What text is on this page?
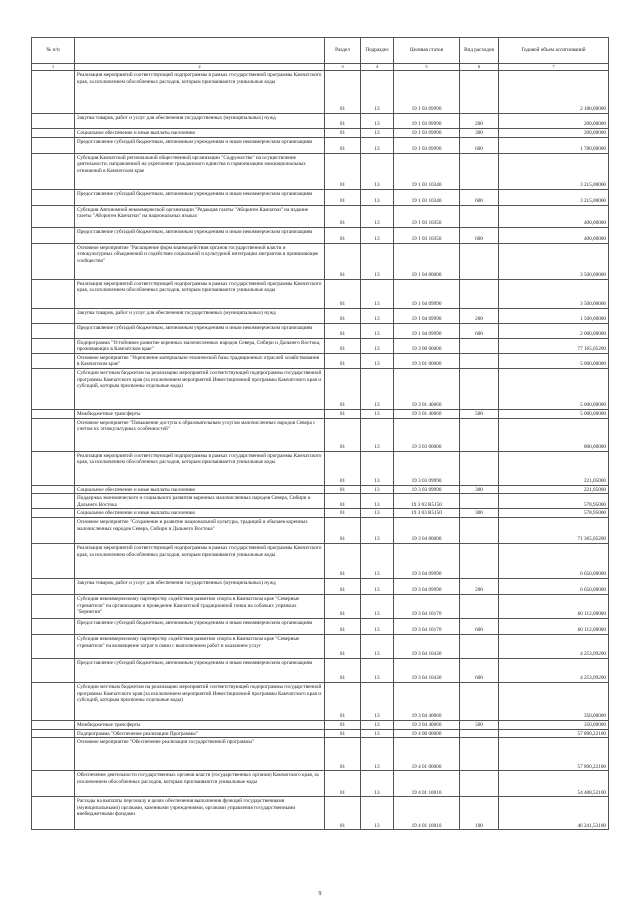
№ п/п		Раздел	Подраздел	Целевая статья	Вид расходов	Годовой объем ассигнований
1	2	3	4	5	6	7
	Реализация мероприятий соответствующей подпрограммы в рамках государственной программы Камчатского края, за исключением обособленных расходов, которым присваиваются уникальные коды	01	13	19 1 03 09990		2 180,00000
	Закупка товаров, работ и услуг для обеспечения государственных (муниципальных) нужд	01	13	19 1 03 09990	200	200,00000
	Социальное обеспечение и иные выплаты населению	01	13	19 1 03 09990	300	200,00000
	Предоставление субсидий бюджетным, автономным учреждениям и иным некоммерческим организациям	01	13	19 1 03 09990	600	1 780,00000
	Субсидия Камчатской региональной общественной организации "Содружество" на осуществление деятельности, направленной на укрепление гражданского единства и гармонизацию межнациональных отношений в Камчатском крае	01	13	19 1 03 10340		3 215,00000
	Предоставление субсидий бюджетным, автономным учреждениям и иным некоммерческим организациям	01	13	19 1 03 10340	600	3 215,00000
	Субсидия Автономной некоммерческой организации "Редакция газеты "Абориген Камчатки" на издание газеты "Абориген Камчатки" на национальных языках	01	13	19 1 03 10350		400,00000
	Предоставление субсидий бюджетным, автономным учреждениям и иным некоммерческим организациям	01	13	19 1 03 10350	600	400,00000
	Основное мероприятие "Расширение форм взаимодействия органов государственной власти и этнокультурных объединений и содействие социальной и культурной интеграции мигрантов в принимающее сообщество"	01	13	19 1 04 00000		3 500,00000
	Реализация мероприятий соответствующей подпрограммы в рамках государственной программы Камчатского края, за исключением обособленных расходов, которым присваиваются уникальные коды	01	13	19 1 04 09990		3 500,00000
	Закупка товаров, работ и услуг для обеспечения государственных (муниципальных) нужд	01	13	19 1 04 09990	200	1 500,00000
	Предоставление субсидий бюджетным, автономным учреждениям и иным некоммерческим организациям	01	13	19 1 04 09990	600	2 000,00000
	Подпрограмма "Устойчивое развитие коренных малочисленных народов Севера, Сибири и Дальнего Востока, проживающих в Камчатском крае"	01	13	19 3 00 00000		77 165,05200
	Основное мероприятие "Укрепление материально-технической базы традиционных отраслей хозяйствования в Камчатском крае"	01	13	19 3 01 00000		5 000,00000
	Субсидии местным бюджетам на реализацию мероприятий соответствующей подпрограммы государственной программы Камчатского края (за исключением мероприятий Инвестиционной программы Камчатского края и субсидий, которым присвоены отдельные коды)	01	13	19 3 01 40060		5 000,00000
	Межбюджетные трансферты	01	13	19 3 01 40060	500	5 000,00000
	Основное мероприятие "Повышение доступа к образовательным услугам малочисленных народов Севера с учетом их этнокультурных особенностей"	01	13	19 3 03 00000		800,00000
	Реализация мероприятий соответствующей подпрограммы в рамках государственной программы Камчатского края, за исключением обособленных расходов, которым присваиваются уникальные коды	01	13	19 3 03 09990		221,05000
	Социальное обеспечение и иные выплаты населению	01	13	19 3 03 09990	300	221,05000
	Поддержка экономического и социального развития коренных малочисленных народов Севера, Сибири и Дальнего Востока	01	13	19 3 03 R5150		578,95000
	Социальное обеспечение и иные выплаты населению	01	13	19 3 03 R5150	300	578,95000
	Основное мероприятие "Сохранение и развитие национальной культуры, традиций и обычаев коренных малочисленных народов Севера, Сибири и Дальнего Востока"	01	13	19 3 04 00000		71 365,05200
	Реализация мероприятий соответствующей подпрограммы в рамках государственной программы Камчатского края, за исключением обособленных расходов, которым присваиваются уникальные коды	01	13	19 3 04 09990		6 650,00000
	Закупка товаров, работ и услуг для обеспечения государственных (муниципальных) нужд	01	13	19 3 04 09990	200	6 650,00000
	Субсидия некоммерческому партнерству содействия развитию спорта в Камчатском крае "Северные стремители" на организацию и проведение Камчатской традиционной гонки на собачьих упряжках "Берингия"	01	13	19 3 04 10170		60 112,00000
	Предоставление субсидий бюджетным, автономным учреждениям и иным некоммерческим организациям	01	13	19 3 04 10170	600	60 112,00000
	Субсидия некоммерческому партнерству содействия развитию спорта в Камчатском крае "Северные стремители" на возмещение затрат в связи с выполнением работ и оказанием услуг	01	13	19 3 04 10430		4 253,09200
	Предоставление субсидий бюджетным, автономным учреждениям и иным некоммерческим организациям	01	13	19 3 04 10430	600	4 253,09200
	Субсидии местным бюджетам на реализацию мероприятий соответствующей подпрограммы государственной программы Камчатского края (за исключением мероприятий Инвестиционной программы Камчатского края и субсидий, которым присвоены отдельные коды)	01	13	19 3 04 40060		350,00000
	Межбюджетные трансферты	01	13	19 3 04 40060	500	350,00000
	Подпрограмма "Обеспечение реализации Программы"	01	13	19 4 00 00000		57 890,22100
	Основное мероприятие "Обеспечение реализации государственной программы"	01	13	19 4 01 00000		57 890,22100
	Обеспечение деятельности государственных органов власти (государственных органов) Камчатского края, за исключением обособленных расходов, которым присваиваются уникальные коды	01	13	19 4 01 10010		54 488,52100
	Расходы на выплаты персоналу в целях обеспечения выполнения функций государственными (муниципальными) органами, казенными учреждениями, органами управления государственными внебюджетными фондами	01	13	19 4 01 10010	100	46 241,53100
9
